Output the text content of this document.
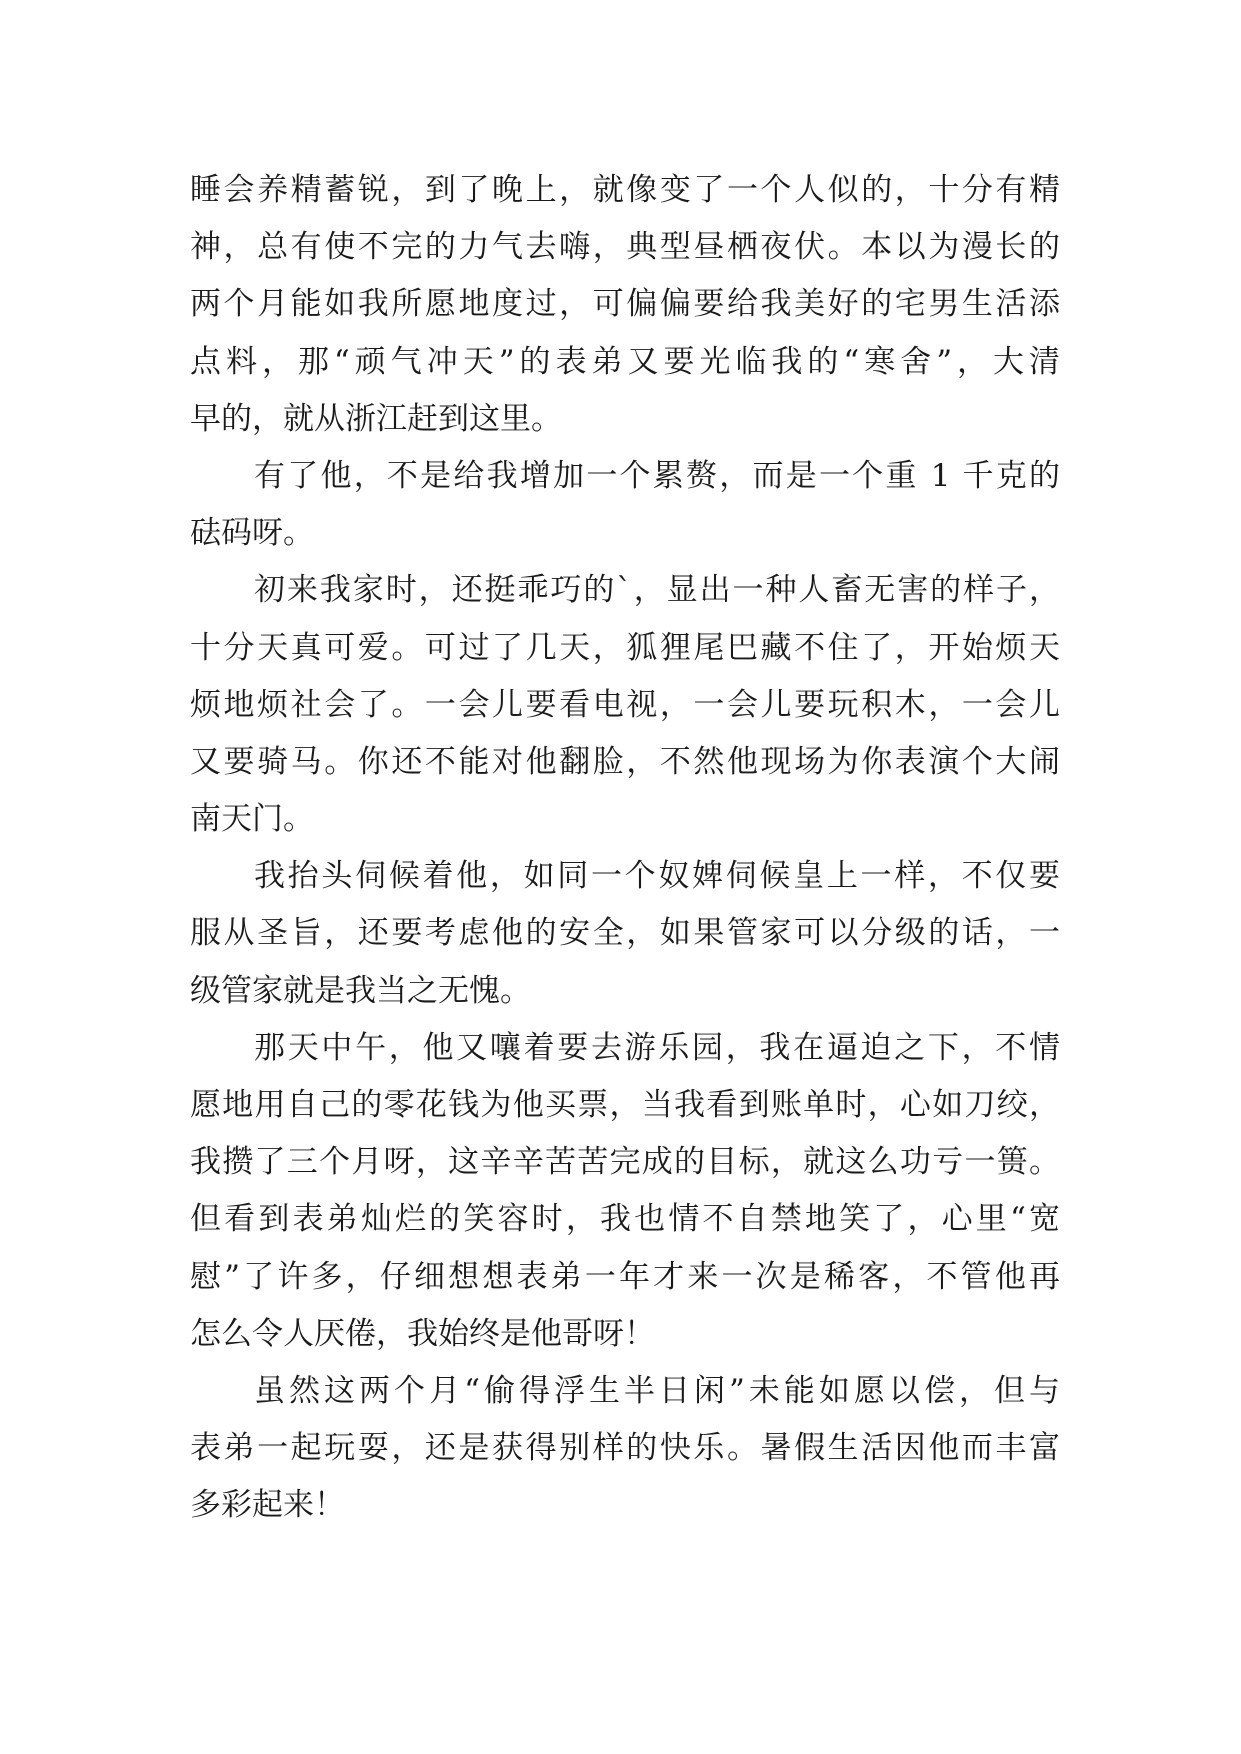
睡会养精蓄锐，到了晚上，就像变了一个人似的，十分有精
神，总有使不完的力气去嗨，典型昼栖夜伏。本以为漫长的
两个月能如我所愿地度过，可偏偏要给我美好的宅男生活添
点料，那“顽气冲天”的表弟又要光临我的“寒舍”，大清
早的，就从浙江赶到这里。
有了他，不是给我增加一个累赘，而是一个重 1 千克的
砝码呀。
初来我家时，还挺乖巧的`，显出一种人畜无害的样子，
十分天真可爱。可过了几天，狐狸尾巴藏不住了，开始烦天
烦地烦社会了。一会儿要看电视，一会儿要玩积木，一会儿
又要骑马。你还不能对他翻脸，不然他现场为你表演个大闹
南天门。
我抬头伺候着他，如同一个奴婢伺候皇上一样，不仅要
服从圣旨，还要考虑他的安全，如果管家可以分级的话，一
级管家就是我当之无愧。
那天中午，他又嚷着要去游乐园，我在逼迫之下，不情
愿地用自己的零花钱为他买票，当我看到账单时，心如刀绞，
我攒了三个月呀，这辛辛苦苦完成的目标，就这么功亏一篑。
但看到表弟灿烂的笑容时，我也情不自禁地笑了，心里“宽
慰”了许多，仔细想想表弟一年才来一次是稀客，不管他再
怎么令人厌倦，我始终是他哥呀！
虽然这两个月“偷得浮生半日闲”未能如愿以偿，但与
表弟一起玩耍，还是获得别样的快乐。暑假生活因他而丰富
多彩起来！
